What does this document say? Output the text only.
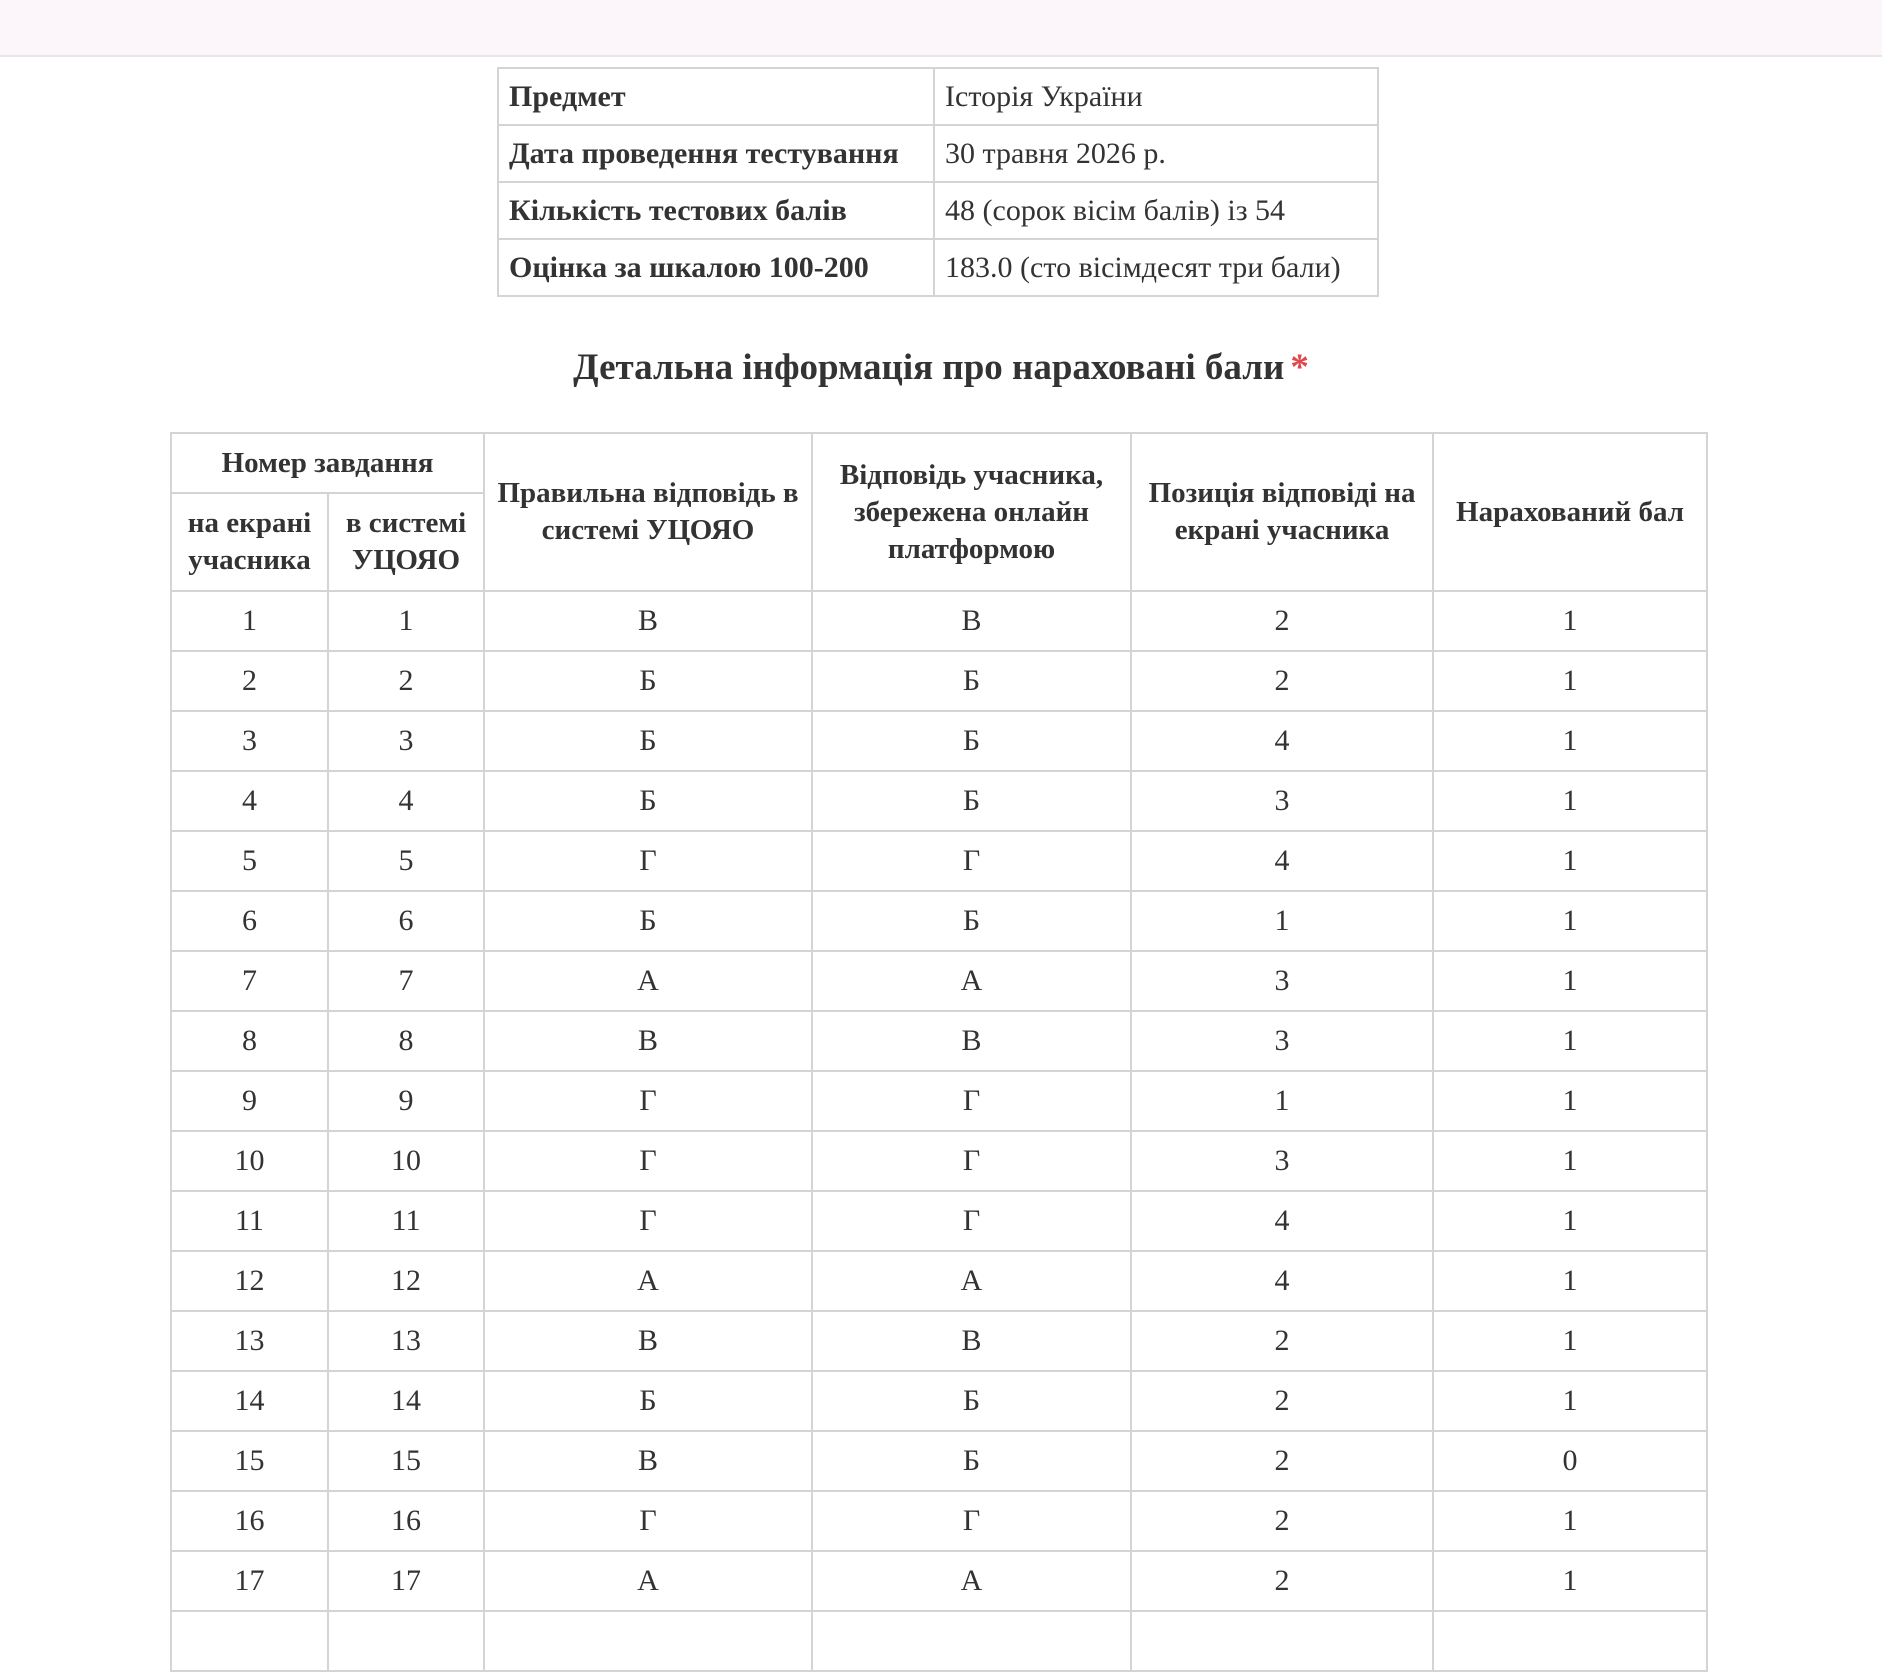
Предмет	Історія України
Дата проведення тестування	30 травня 2026 р.
Кількість тестових балів	48 (сорок вісім балів) із 54
Оцінка за шкалою 100-200	183.0 (сто вісімдесят три бали)
Детальна інформація про нараховані бали *
Номер завдання		Правильна відповідь в системі УЦОЯО	Відповідь учасника, збережена онлайн платформою	Позиція відповіді на екрані учасника	Нарахований бал
на екрані учасника	в системі УЦОЯО				
1	1	В	В	2	1
2	2	Б	Б	2	1
3	3	Б	Б	4	1
4	4	Б	Б	3	1
5	5	Г	Г	4	1
6	6	Б	Б	1	1
7	7	А	А	3	1
8	8	В	В	3	1
9	9	Г	Г	1	1
10	10	Г	Г	3	1
11	11	Г	Г	4	1
12	12	А	А	4	1
13	13	В	В	2	1
14	14	Б	Б	2	1
15	15	В	Б	2	0
16	16	Г	Г	2	1
17	17	А	А	2	1
